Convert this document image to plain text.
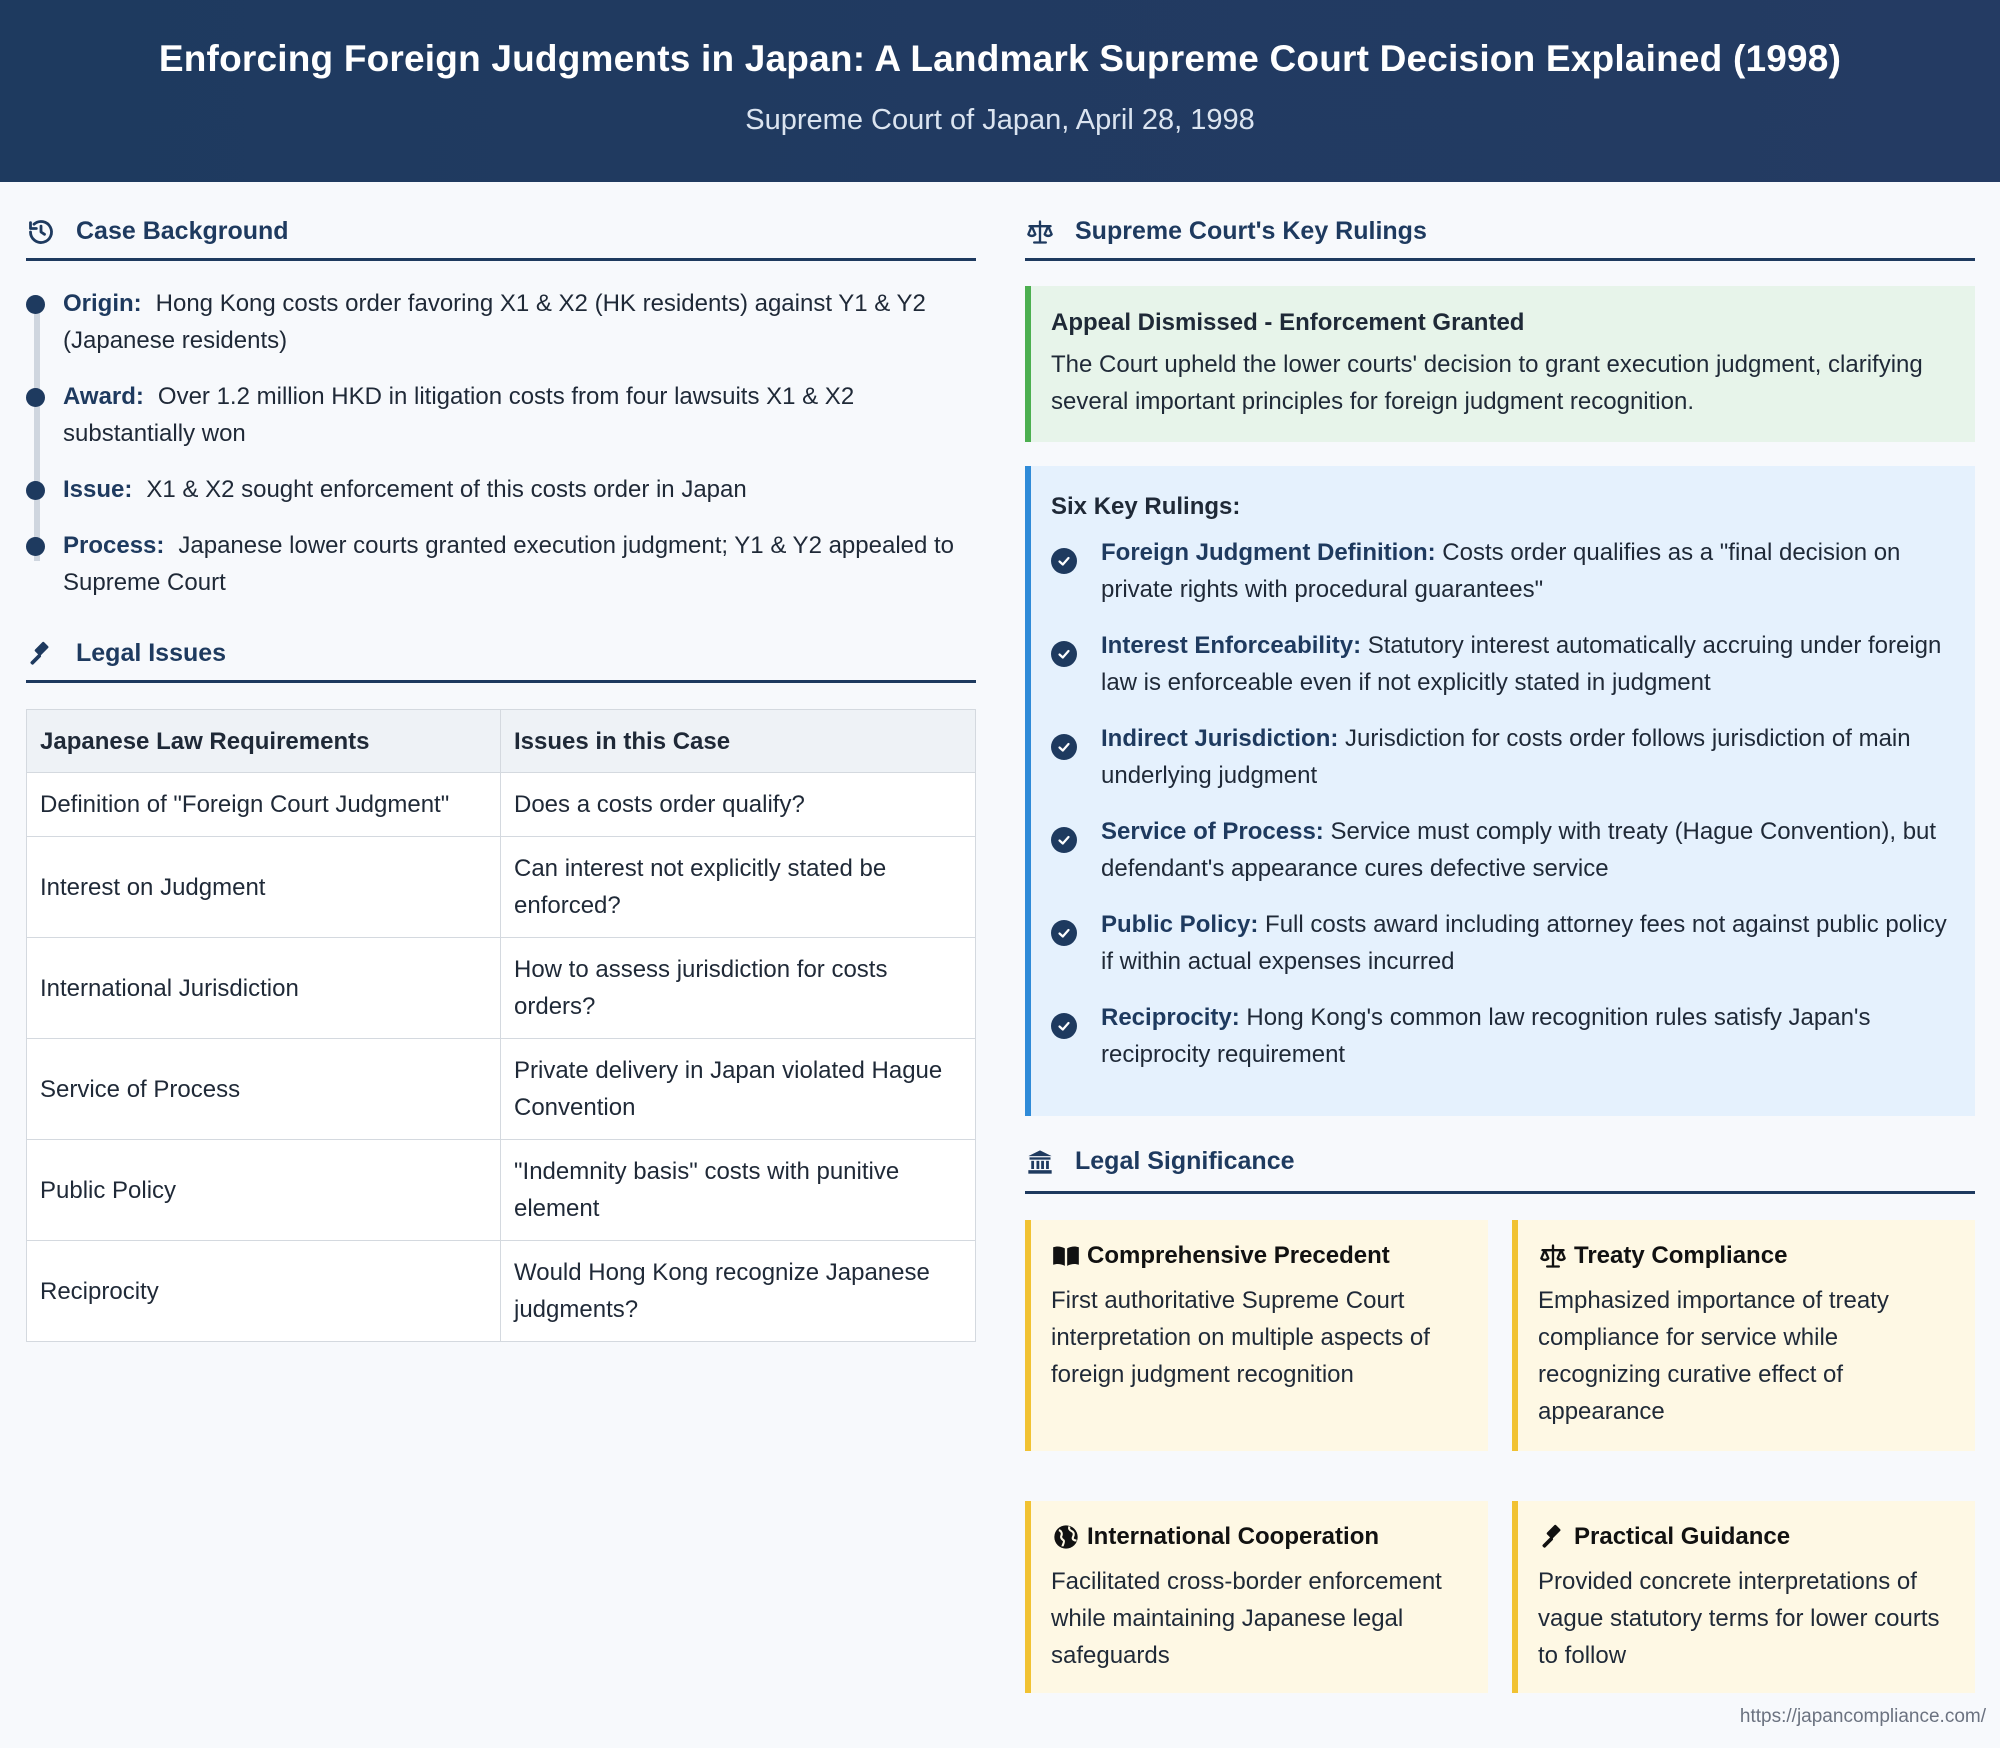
Enforcing Foreign Judgments in Japan: A Landmark Supreme Court Decision Explained (1998)
Supreme Court of Japan, April 28, 1998
Case Background
Origin: Hong Kong costs order favoring X1 & X2 (HK residents) against Y1 & Y2 (Japanese residents)
Award: Over 1.2 million HKD in litigation costs from four lawsuits X1 & X2 substantially won
Issue: X1 & X2 sought enforcement of this costs order in Japan
Process: Japanese lower courts granted execution judgment; Y1 & Y2 appealed to Supreme Court
Legal Issues
Japanese Law Requirements	Issues in this Case
Definition of "Foreign Court Judgment"	Does a costs order qualify?
Interest on Judgment	Can interest not explicitly stated be enforced?
International Jurisdiction	How to assess jurisdiction for costs orders?
Service of Process	Private delivery in Japan violated Hague Convention
Public Policy	"Indemnity basis" costs with punitive element
Reciprocity	Would Hong Kong recognize Japanese judgments?
Supreme Court's Key Rulings
Appeal Dismissed - Enforcement Granted
The Court upheld the lower courts' decision to grant execution judgment, clarifying several important principles for foreign judgment recognition.
Six Key Rulings:
Foreign Judgment Definition: Costs order qualifies as a "final decision on private rights with procedural guarantees"
Interest Enforceability: Statutory interest automatically accruing under foreign law is enforceable even if not explicitly stated in judgment
Indirect Jurisdiction: Jurisdiction for costs order follows jurisdiction of main underlying judgment
Service of Process: Service must comply with treaty (Hague Convention), but defendant's appearance cures defective service
Public Policy: Full costs award including attorney fees not against public policy if within actual expenses incurred
Reciprocity: Hong Kong's common law recognition rules satisfy Japan's reciprocity requirement
Legal Significance
Comprehensive Precedent
First authoritative Supreme Court interpretation on multiple aspects of foreign judgment recognition
Treaty Compliance
Emphasized importance of treaty compliance for service while recognizing curative effect of appearance
International Cooperation
Facilitated cross-border enforcement while maintaining Japanese legal safeguards
Practical Guidance
Provided concrete interpretations of vague statutory terms for lower courts to follow
https://japancompliance.com/
